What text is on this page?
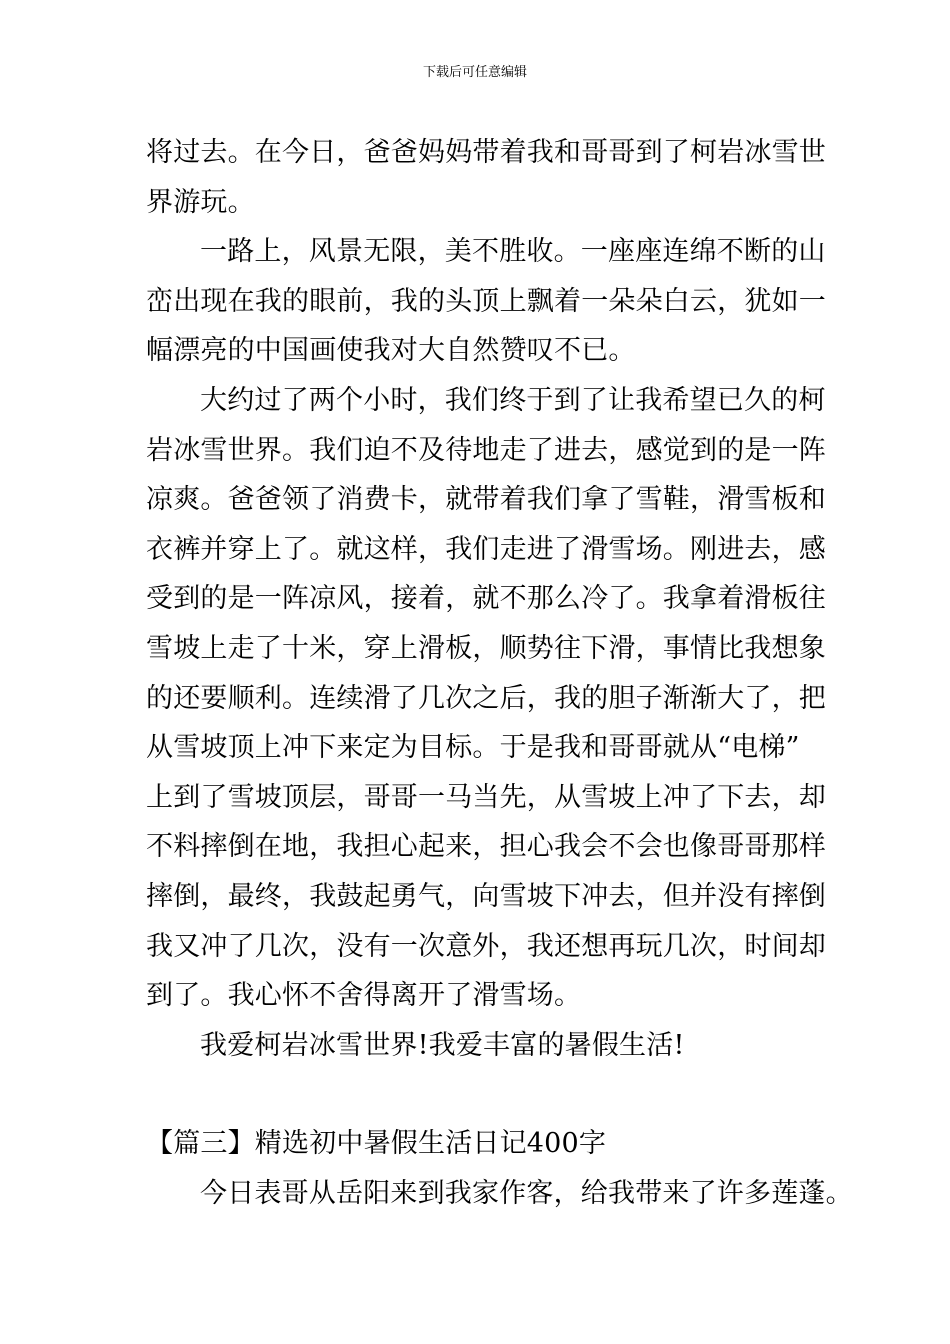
下载后可任意编辑
将过去。在今日，爸爸妈妈带着我和哥哥到了柯岩冰雪世
界游玩。
一路上，风景无限，美不胜收。一座座连绵不断的山
峦出现在我的眼前，我的头顶上飘着一朵朵白云，犹如一
幅漂亮的中国画使我对大自然赞叹不已。
大约过了两个小时，我们终于到了让我希望已久的柯
岩冰雪世界。我们迫不及待地走了进去，感觉到的是一阵
凉爽。爸爸领了消费卡，就带着我们拿了雪鞋，滑雪板和
衣裤并穿上了。就这样，我们走进了滑雪场。刚进去，感
受到的是一阵凉风，接着，就不那么冷了。我拿着滑板往
雪坡上走了十米，穿上滑板，顺势往下滑，事情比我想象
的还要顺利。连续滑了几次之后，我的胆子渐渐大了，把
从雪坡顶上冲下来定为目标。于是我和哥哥就从“电梯”
上到了雪坡顶层，哥哥一马当先，从雪坡上冲了下去，却
不料摔倒在地，我担心起来，担心我会不会也像哥哥那样
摔倒，最终，我鼓起勇气，向雪坡下冲去，但并没有摔倒
我又冲了几次，没有一次意外，我还想再玩几次，时间却
到了。我心怀不舍得离开了滑雪场。
我爱柯岩冰雪世界!我爱丰富的暑假生活!
【篇三】精选初中暑假生活日记400字
今日表哥从岳阳来到我家作客，给我带来了许多莲蓬。
